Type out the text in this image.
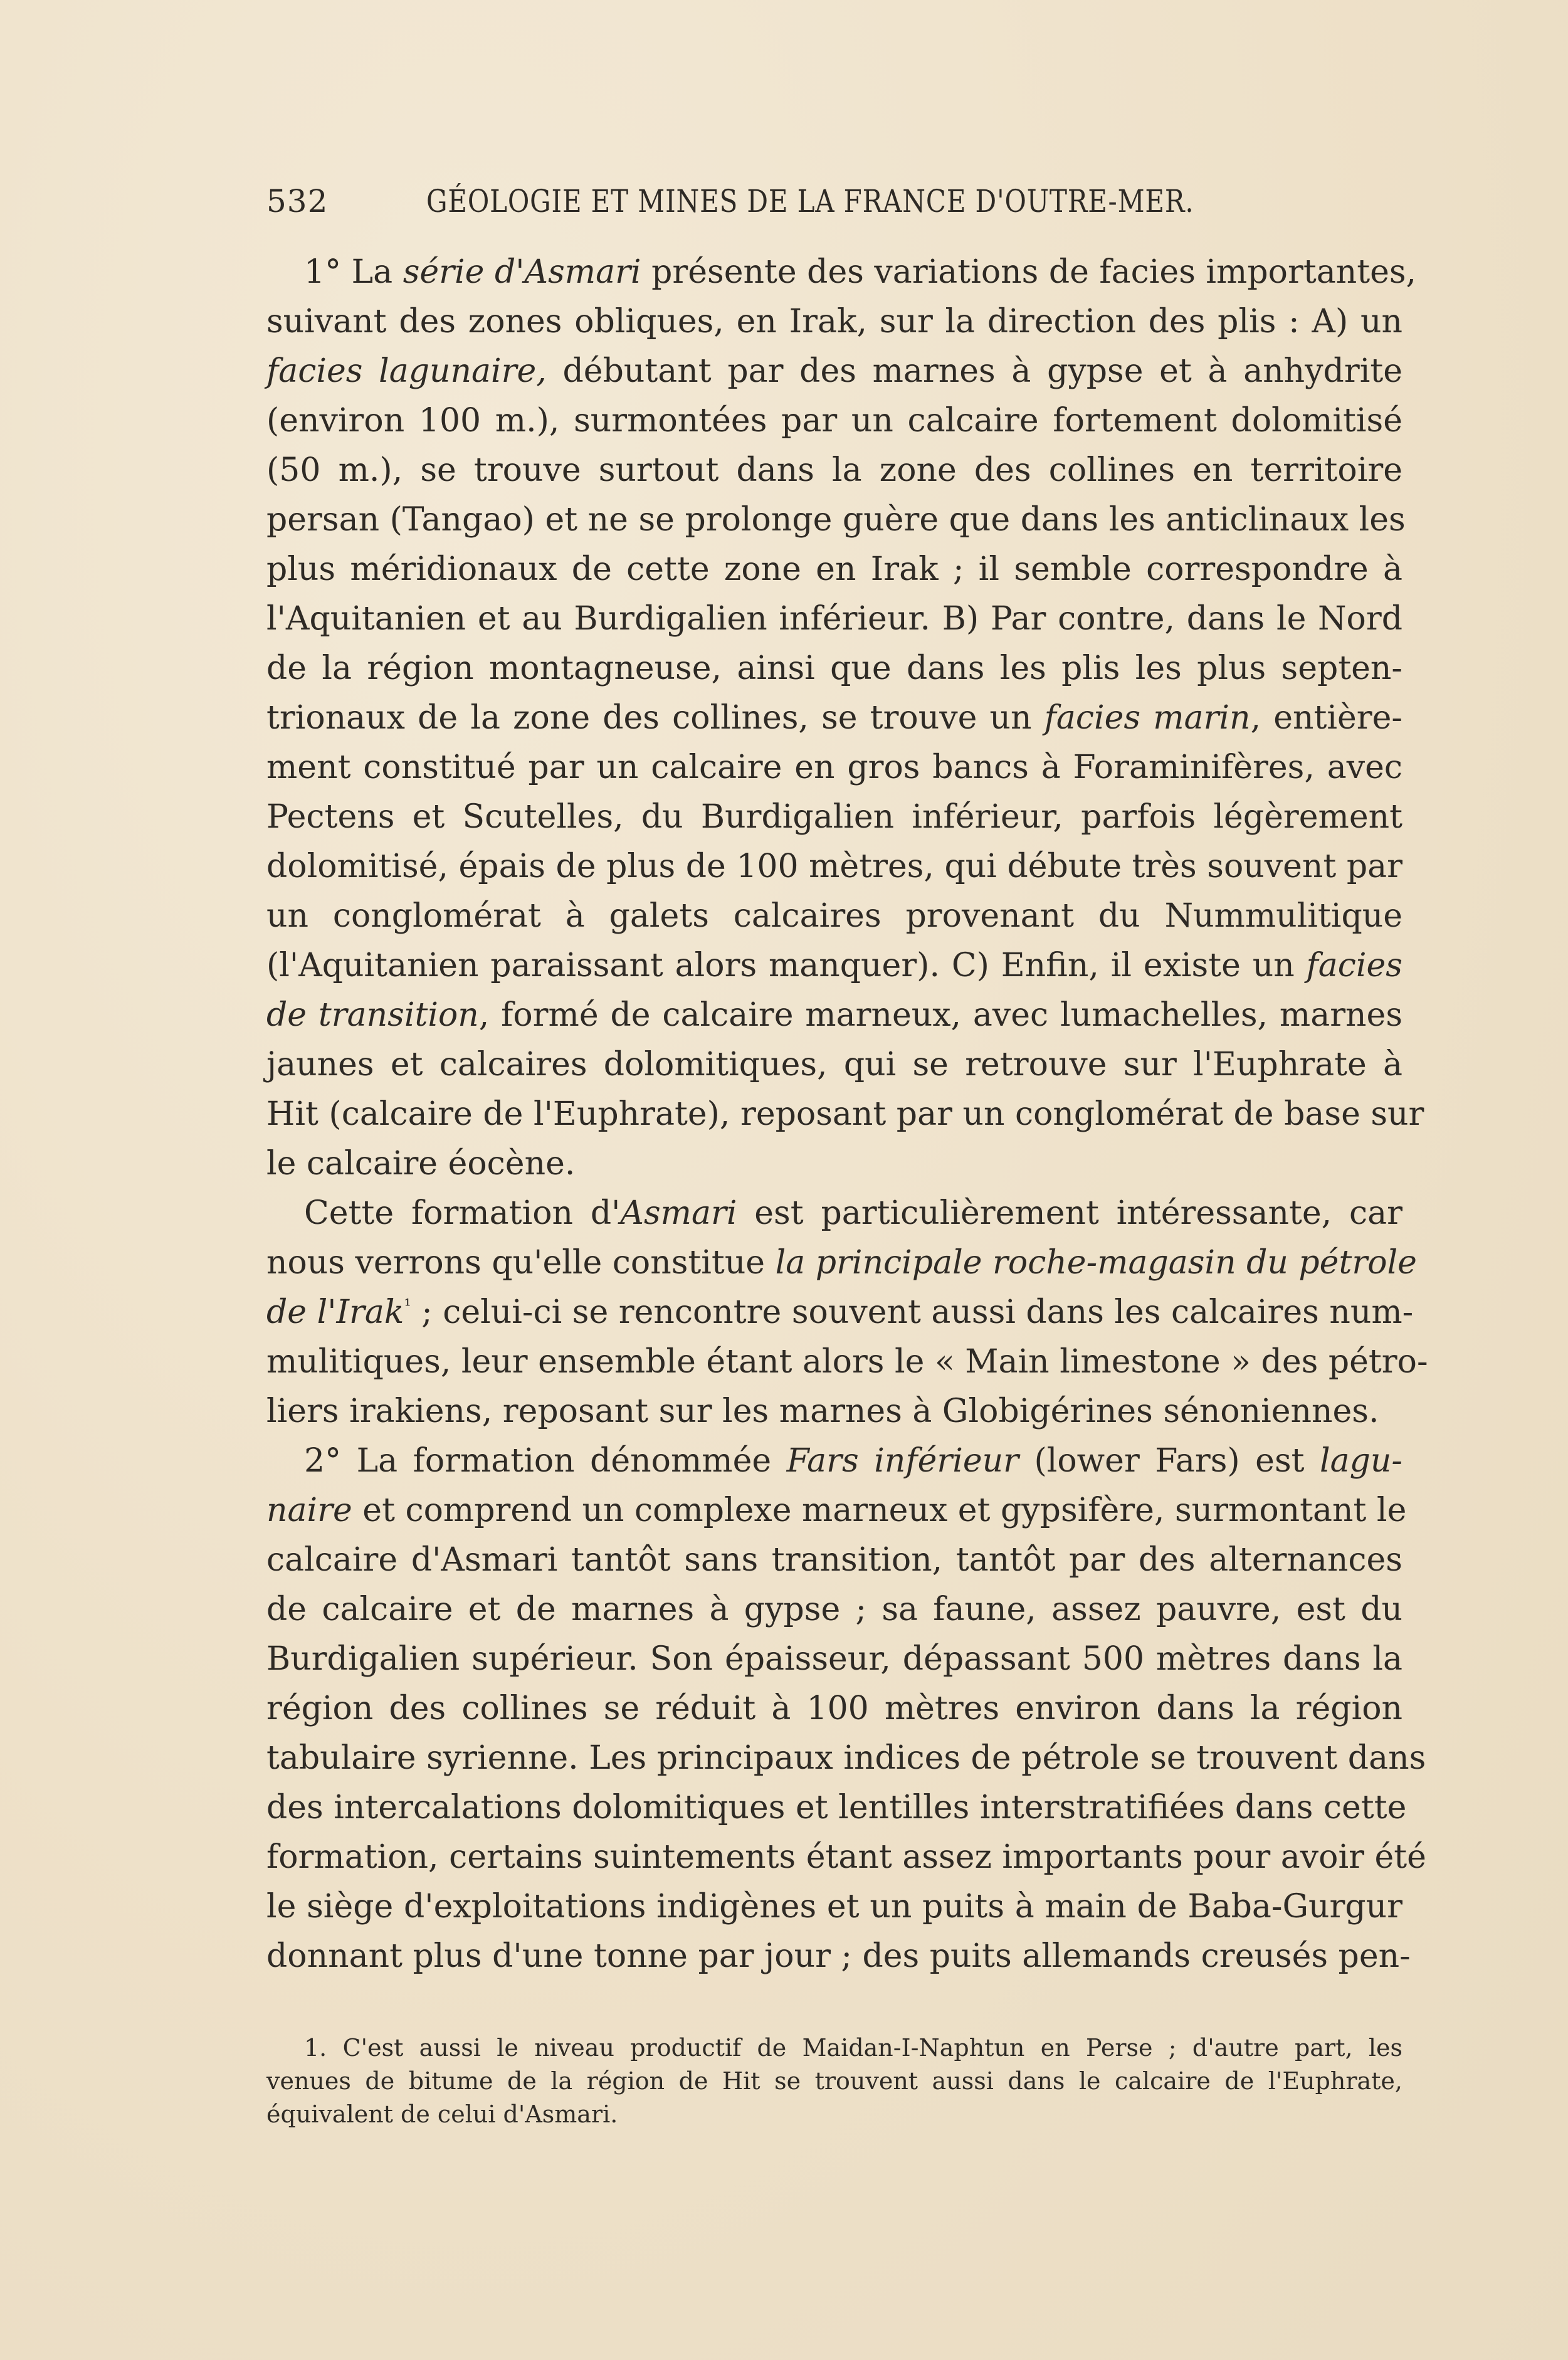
532	GÉOLOGIE ET MINES DE LA FRANCE D'OUTRE-MER.
1° La série d'Asmari présente des variations de facies importantes,
suivant des zones obliques, en Irak, sur la direction des plis : A) un
facies lagunaire, débutant par des marnes à gypse et à anhydrite
(environ 100 m.), surmontées par un calcaire fortement dolomitisé
(50 m.), se trouve surtout dans la zone des collines en territoire
persan (Tangao) et ne se prolonge guère que dans les anticlinaux les
plus méridionaux de cette zone en Irak ; il semble correspondre à
l'Aquitanien et au Burdigalien inférieur. B) Par contre, dans le Nord
de la région montagneuse, ainsi que dans les plis les plus septen-
trionaux de la zone des collines, se trouve un facies marin, entière-
ment constitué par un calcaire en gros bancs à Foraminifères, avec
Pectens et Scutelles, du Burdigalien inférieur, parfois légèrement
dolomitisé, épais de plus de 100 mètres, qui débute très souvent par
un conglomérat à galets calcaires provenant du Nummulitique
(l'Aquitanien paraissant alors manquer). C) Enfin, il existe un facies
de transition, formé de calcaire marneux, avec lumachelles, marnes
jaunes et calcaires dolomitiques, qui se retrouve sur l'Euphrate à
Hit (calcaire de l'Euphrate), reposant par un conglomérat de base sur
le calcaire éocène.
Cette formation d'Asmari est particulièrement intéressante, car
nous verrons qu'elle constitue la principale roche-magasin du pétrole
de l'Irak$^{^1}$ ; celui-ci se rencontre souvent aussi dans les calcaires num-
mulitiques, leur ensemble étant alors le « Main limestone » des pétro-
liers irakiens, reposant sur les marnes à Globigérines sénoniennes.
2° La formation dénommée Fars inférieur (lower Fars) est lagu-
naire et comprend un complexe marneux et gypsifère, surmontant le
calcaire d'Asmari tantôt sans transition, tantôt par des alternances
de calcaire et de marnes à gypse ; sa faune, assez pauvre, est du
Burdigalien supérieur. Son épaisseur, dépassant 500 mètres dans la
région des collines se réduit à 100 mètres environ dans la région
tabulaire syrienne. Les principaux indices de pétrole se trouvent dans
des intercalations dolomitiques et lentilles interstratifiées dans cette
formation, certains suintements étant assez importants pour avoir été
le siège d'exploitations indigènes et un puits à main de Baba-Gurgur
donnant plus d'une tonne par jour ; des puits allemands creusés pen-
1. C'est aussi le niveau productif de Maidan-I-Naphtun en Perse ; d'autre part, les
venues de bitume de la région de Hit se trouvent aussi dans le calcaire de l'Euphrate,
équivalent de celui d'Asmari.
